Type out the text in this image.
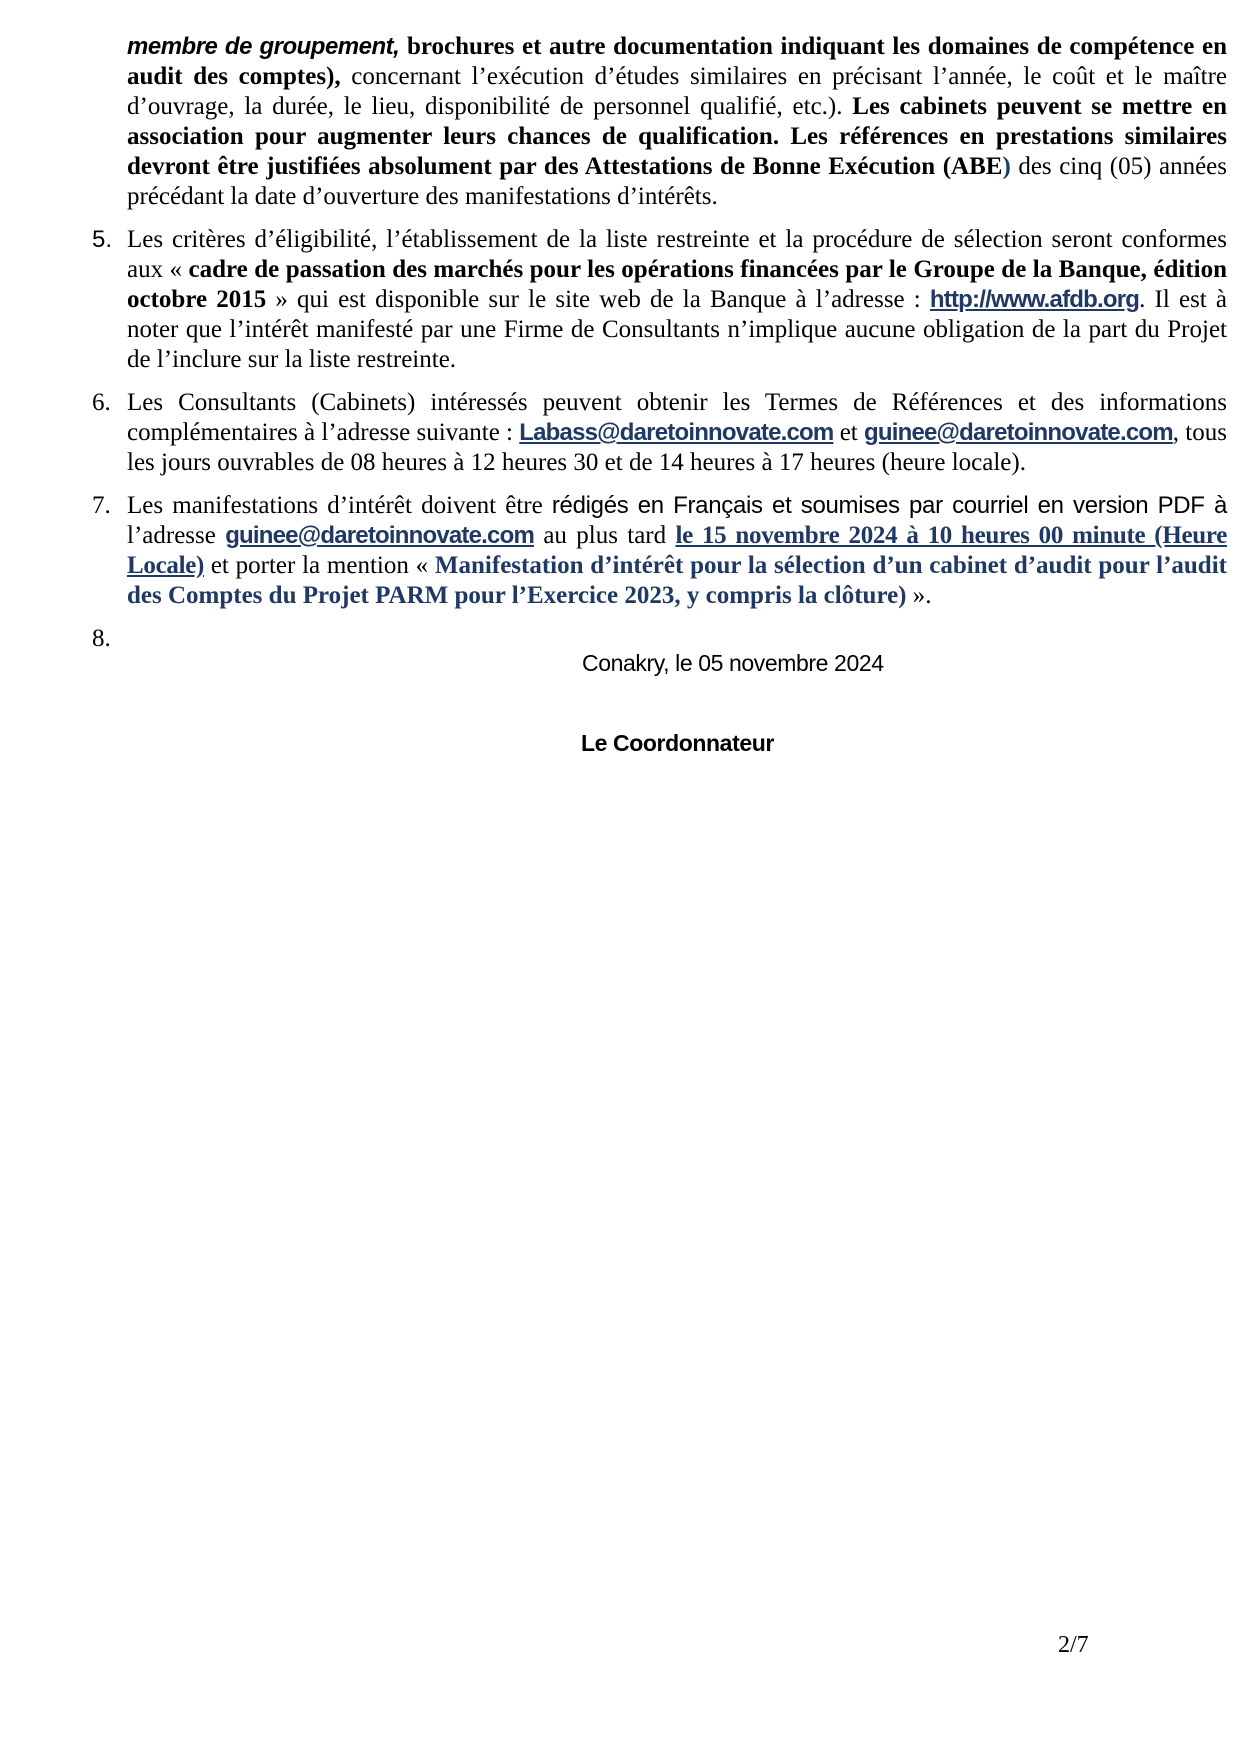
membre de groupement, brochures et autre documentation indiquant les domaines de compétence en audit des comptes), concernant l’exécution d’études similaires en précisant l’année, le coût et le maître d’ouvrage, la durée, le lieu, disponibilité de personnel qualifié, etc.). Les cabinets peuvent se mettre en association pour augmenter leurs chances de qualification. Les références en prestations similaires devront être justifiées absolument par des Attestations de Bonne Exécution (ABE) des cinq (05) années précédant la date d’ouverture des manifestations d’intérêts.

5. Les critères d’éligibilité, l’établissement de la liste restreinte et la procédure de sélection seront conformes aux « cadre de passation des marchés pour les opérations financées par le Groupe de la Banque, édition octobre 2015 » qui est disponible sur le site web de la Banque à l’adresse : http://www.afdb.org. Il est à noter que l’intérêt manifesté par une Firme de Consultants n’implique aucune obligation de la part du Projet de l’inclure sur la liste restreinte.

6. Les Consultants (Cabinets) intéressés peuvent obtenir les Termes de Références et des informations complémentaires à l’adresse suivante : Labass@daretoinnovate.com et guinee@daretoinnovate.com, tous les jours ouvrables de 08 heures à 12 heures 30 et de 14 heures à 17 heures (heure locale).

7. Les manifestations d’intérêt doivent être rédigés en Français et soumises par courriel en version PDF à l’adresse guinee@daretoinnovate.com au plus tard le 15 novembre 2024 à 10 heures 00 minute (Heure Locale) et porter la mention « Manifestation d’intérêt pour la sélection d’un cabinet d’audit pour l’audit des Comptes du Projet PARM pour l’Exercice 2023, y compris la clôture) ».

8.

Conakry, le 05 novembre 2024
Le Coordonnateur
2/7
